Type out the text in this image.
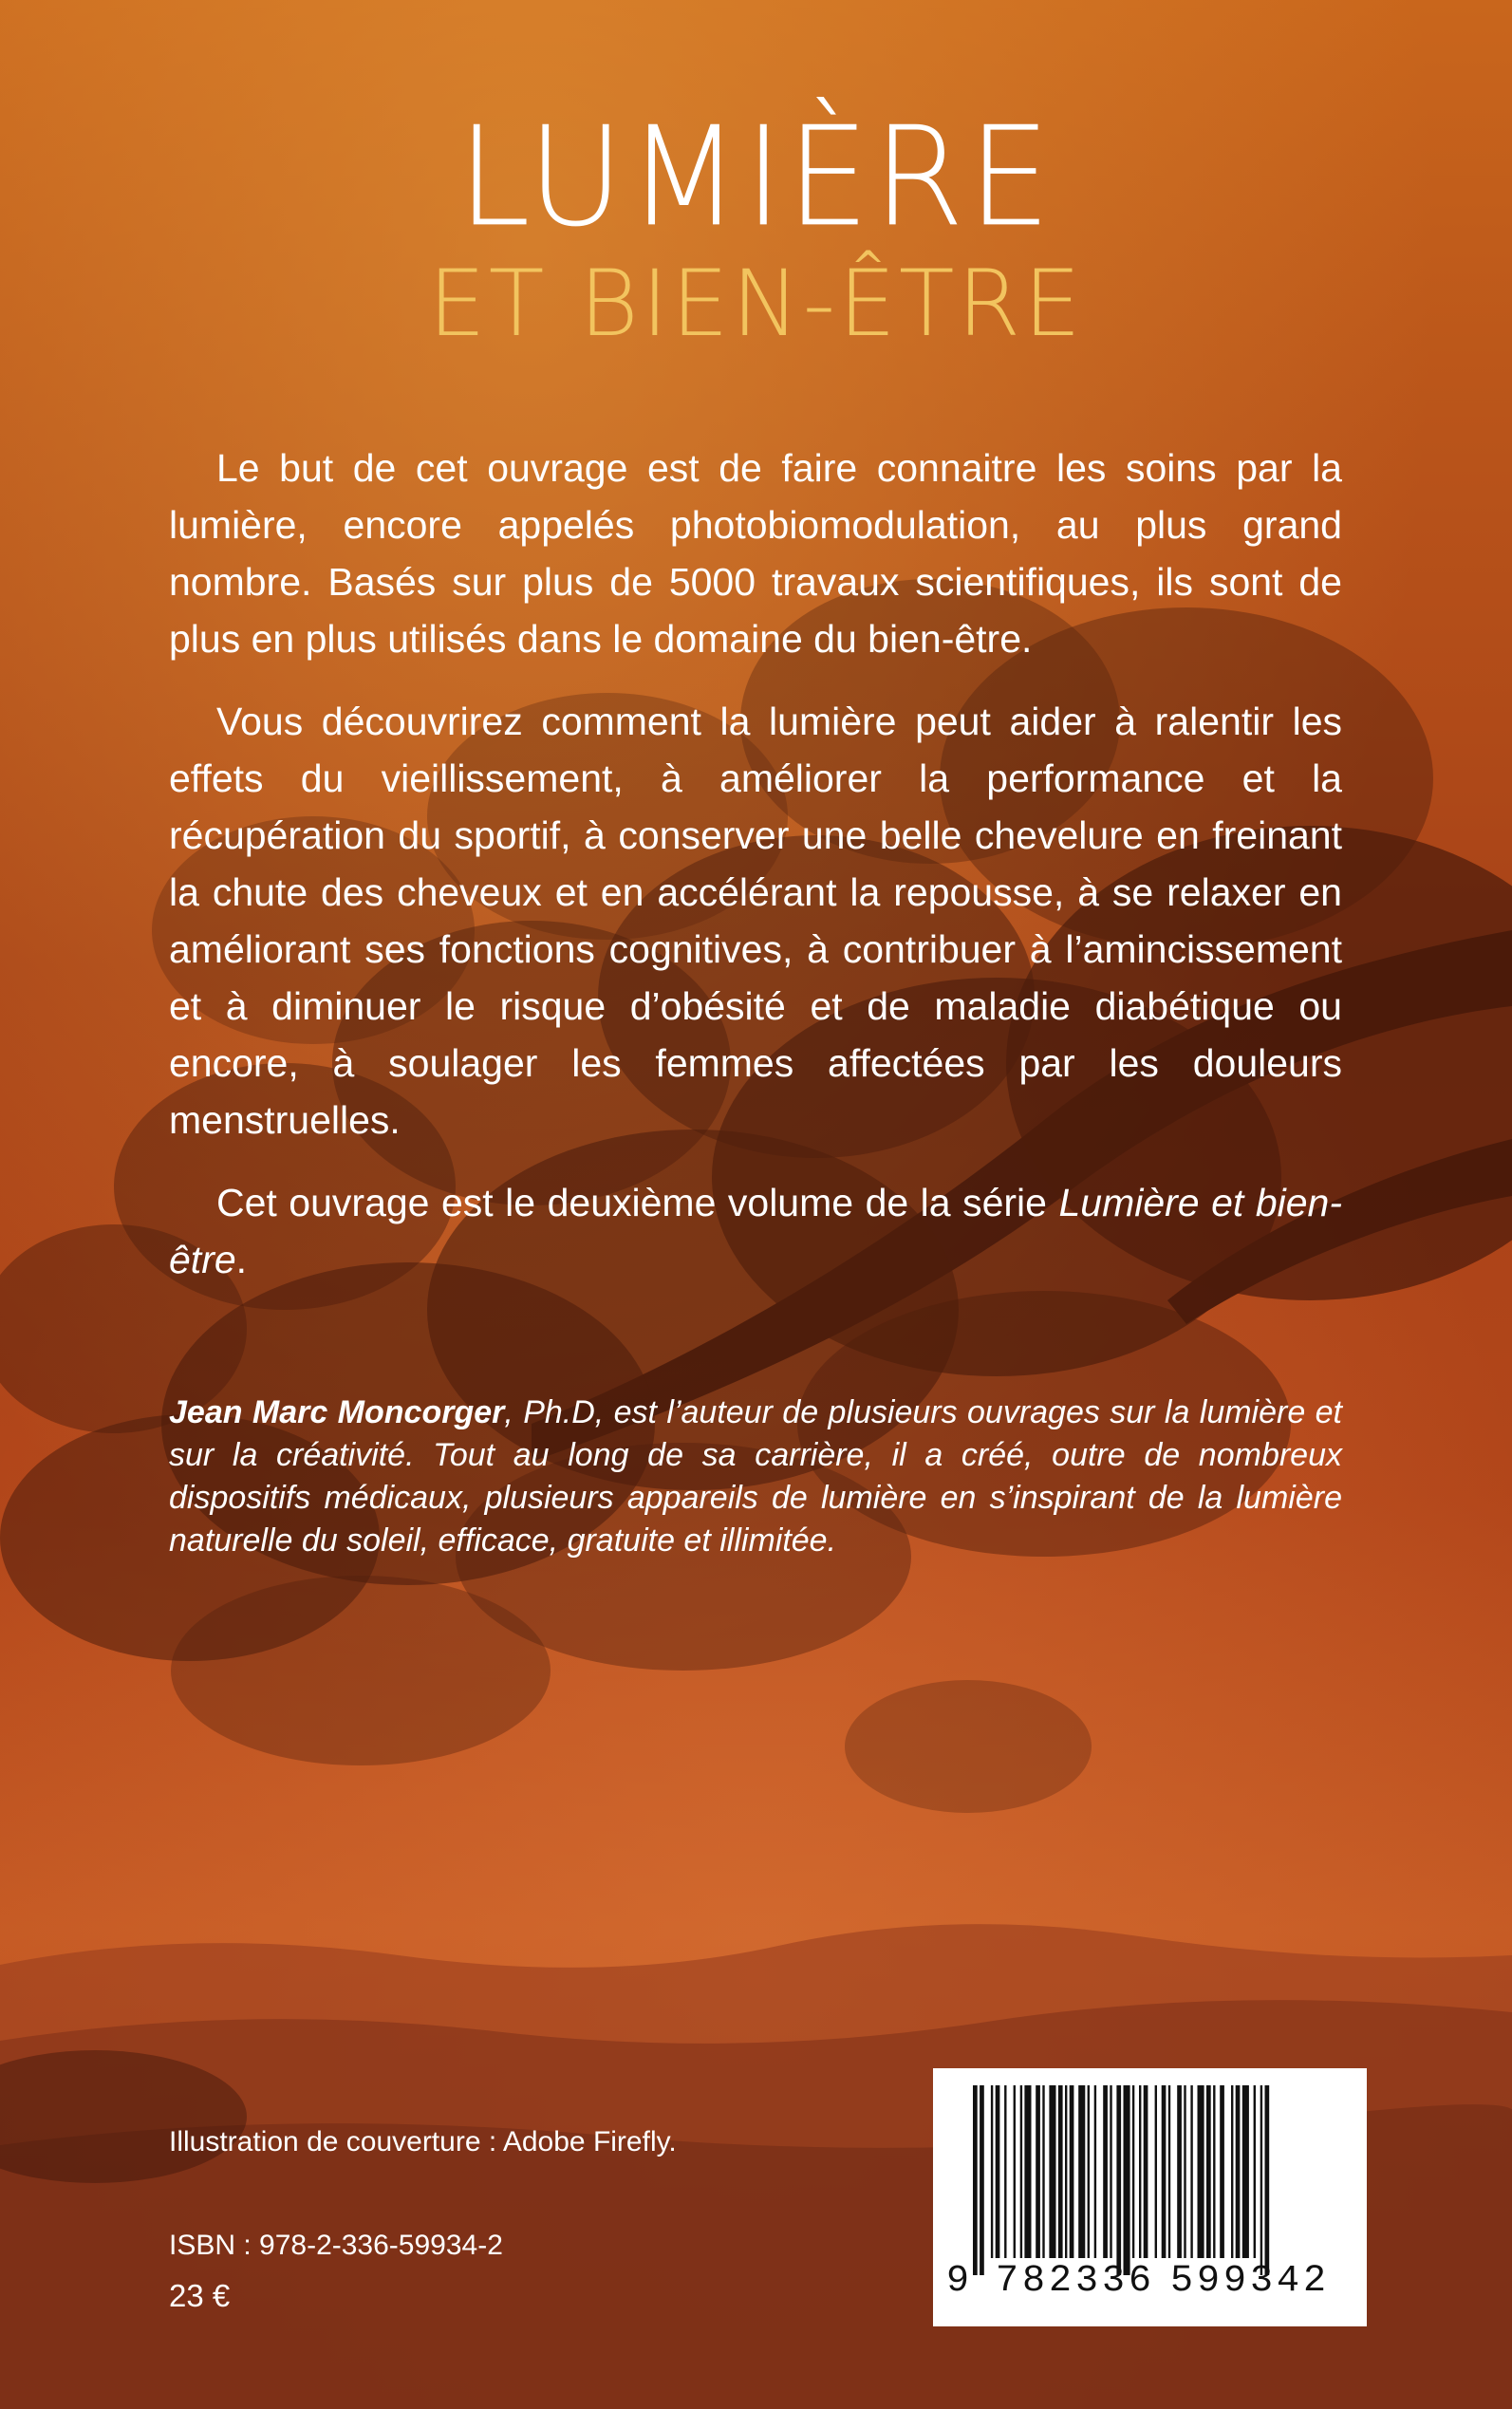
LUMIÈRE
ET BIEN-ÊTRE

Le but de cet ouvrage est de faire connaitre les soins par la lumière, encore appelés photobiomodulation, au plus grand nombre. Basés sur plus de 5000 travaux scientifiques, ils sont de plus en plus utilisés dans le domaine du bien-être.

Vous découvrirez comment la lumière peut aider à ralentir les effets du vieillissement, à améliorer la performance et la récupération du sportif, à conserver une belle chevelure en freinant la chute des cheveux et en accélérant la repousse, à se relaxer en améliorant ses fonctions cognitives, à contribuer à l’amincissement et à diminuer le risque d’obésité et de maladie diabétique ou encore, à soulager les femmes affectées par les douleurs menstruelles.

Cet ouvrage est le deuxième volume de la série Lumière et bien-être.

Jean Marc Moncorger, Ph.D, est l’auteur de plusieurs ouvrages sur la lumière et sur la créativité. Tout au long de sa carrière, il a créé, outre de nombreux dispositifs médicaux, plusieurs appareils de lumière en s’inspirant de la lumière naturelle du soleil, efficace, gratuite et illimitée.

Illustration de couverture : Adobe Firefly.
ISBN : 978-2-336-59934-2
23 €	9 782336 599342
